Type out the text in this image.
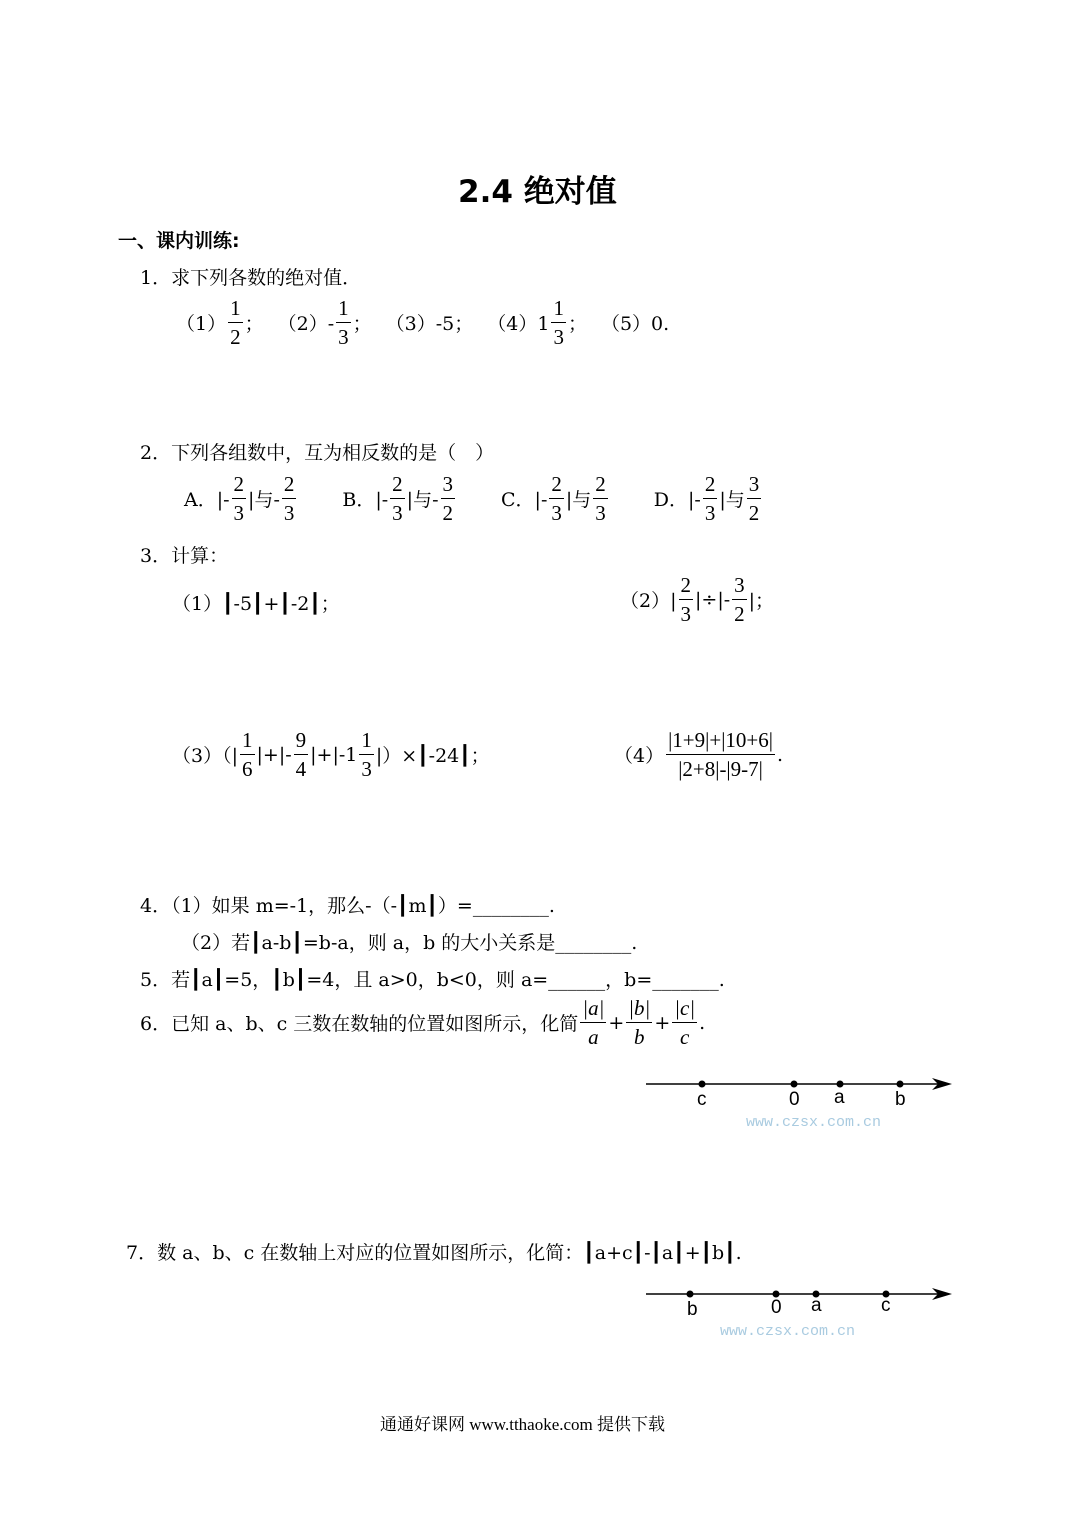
2.4 绝对值
一、课内训练:
1．求下列各数的绝对值．
$(1) \frac{1}{2}$ ； $(2)- \frac{1}{3}$ ； （3）-5； $(4)1 \frac{1}{3}$ ； （5）0.
2．下列各组数中，互为相反数的是（　）
A．|- $\frac{2}{3}$ |与- $\frac{2}{3}$ B．|- $\frac{2}{3}$ |与- $\frac{3}{2}$ C．|- $\frac{2}{3}$ |与 $\frac{2}{3}$ D．|- $\frac{2}{3}$ |与 $\frac{3}{2}$
3．计算：
（1）┃-5┃+┃-2┃；	$(2)| \frac{2}{3}$ |÷|- $\frac{3}{2}$ |；
$(3)(| \frac{1}{6}$ |+|- $\frac{9}{4} |+|-1 \frac{1}{3}$ |）×┃-24┃；	$(4) \frac{|1+9|+|10+6|}{|2+8|-|9-7|}$ .
4．（1）如果 m=-1，那么-（-┃m┃）=________.
（2）若┃a-b┃=b-a，则 a，b 的大小关系是________.
5．若┃a┃=5，┃b┃=4，且 a>0，b<0，则 a=______，b=_______.
6．已知 a、b、c 三数在数轴的位置如图所示，化简 $\frac{|a|}{a} + \frac{|b|}{b} + \frac{|c|}{c}$ .
c	0 a	b
www.czsx.com.cn
7．数 a、b、c 在数轴上对应的位置如图所示，化简：┃a+c┃-┃a┃+┃b┃.
b	0 a	c
www.czsx.com.cn
通通好课网 www.tthaoke.com 提供下载
